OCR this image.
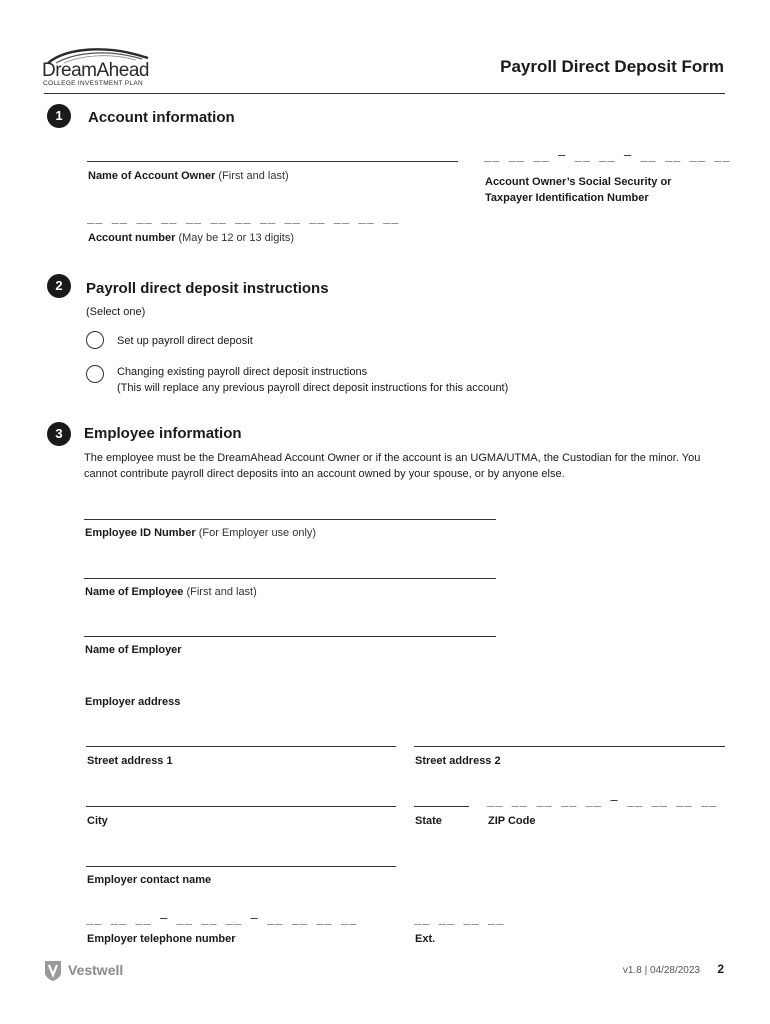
DreamAhead
COLLEGE INVESTMENT PLAN
Payroll Direct Deposit Form
1	Account information
Name of Account Owner (First and last)
__ __ __ ‒ __ __ ‒ __ __ __ __
Account Owner’s Social Security or
Taxpayer Identification Number
__ __ __ __ __ __ __ __ __ __ __ __ __
Account number (May be 12 or 13 digits)
2	Payroll direct deposit instructions
(Select one)
Set up payroll direct deposit
Changing existing payroll direct deposit instructions
(This will replace any previous payroll direct deposit instructions for this account)
3	Employee information
The employee must be the DreamAhead Account Owner or if the account is an UGMA/UTMA, the Custodian for the minor. You cannot contribute payroll direct deposits into an account owned by your spouse, or by anyone else.
Employee ID Number (For Employer use only)
Name of Employee (First and last)
Name of Employer
Employer address
Street address 1	Street address 2
City	State
__ __ __ __ __ ‒ __ __ __ __
ZIP Code
Employer contact name
__ __ __ ‒ __ __ __ ‒ __ __ __ __
Employer telephone number
__ __ __ __
Ext.
Vestwell	v1.8 | 04/28/2023 2
